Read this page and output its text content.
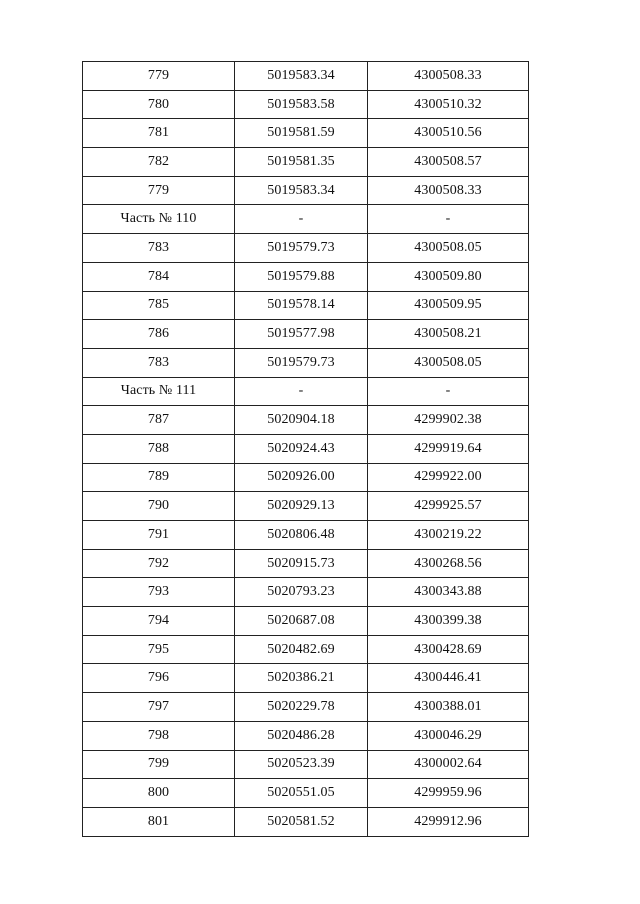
779	5019583.34	4300508.33
780	5019583.58	4300510.32
781	5019581.59	4300510.56
782	5019581.35	4300508.57
779	5019583.34	4300508.33
Часть № 110	-	-
783	5019579.73	4300508.05
784	5019579.88	4300509.80
785	5019578.14	4300509.95
786	5019577.98	4300508.21
783	5019579.73	4300508.05
Часть № 111	-	-
787	5020904.18	4299902.38
788	5020924.43	4299919.64
789	5020926.00	4299922.00
790	5020929.13	4299925.57
791	5020806.48	4300219.22
792	5020915.73	4300268.56
793	5020793.23	4300343.88
794	5020687.08	4300399.38
795	5020482.69	4300428.69
796	5020386.21	4300446.41
797	5020229.78	4300388.01
798	5020486.28	4300046.29
799	5020523.39	4300002.64
800	5020551.05	4299959.96
801	5020581.52	4299912.96
